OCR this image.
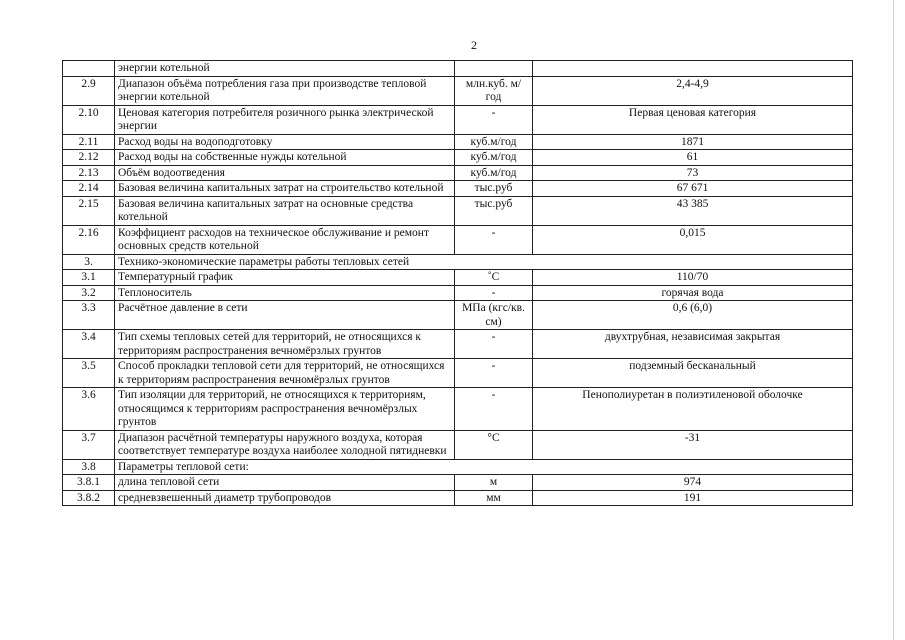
2
	энергии котельной		
2.9	Диапазон объёма потребления газа при производстве тепловой энергии котельной	млн.куб. м/ год	2,4-4,9
2.10	Ценовая категория потребителя розичного рынка электрической энергии	-	Первая ценовая категория
2.11	Расход воды на водоподготовку	куб.м/год	1871
2.12	Расход воды на собственные нужды котельной	куб.м/год	61
2.13	Объём водоотведения	куб.м/год	73
2.14	Базовая величина капитальных затрат на строительство котельной	тыс.руб	67 671
2.15	Базовая величина капитальных затрат на основные средства котельной	тыс.руб	43 385
2.16	Коэффициент расходов на техническое обслуживание и ремонт основных средств котельной	-	0,015
3.	Технико-экономические параметры работы тепловых сетей		
3.1	Температурный график	˚С	110/70
3.2	Теплоноситель	-	горячая вода
3.3	Расчётное давление в сети	МПа (кгс/кв. см)	0,6 (6,0)
3.4	Тип схемы тепловых сетей для территорий, не относящихся к территориям распространения вечномёрзлых грунтов	-	двухтрубная, независимая закрытая
3.5	Способ прокладки тепловой сети для территорий, не относящихся к территориям распространения вечномёрзлых грунтов	-	подземный бесканальный
3.6	Тип изоляции для территорий, не относящихся к территориям, относящимся к территориям распространения вечномёрзлых грунтов	-	Пенополиуретан в полиэтиленовой оболочке
3.7	Диапазон расчётной температуры наружного воздуха, которая соответствует температуре воздуха наиболее холодной пятидневки	°С	-31
3.8	Параметры тепловой сети:		
3.8.1	длина тепловой сети	м	974
3.8.2	средневзвешенный диаметр трубопроводов	мм	191
